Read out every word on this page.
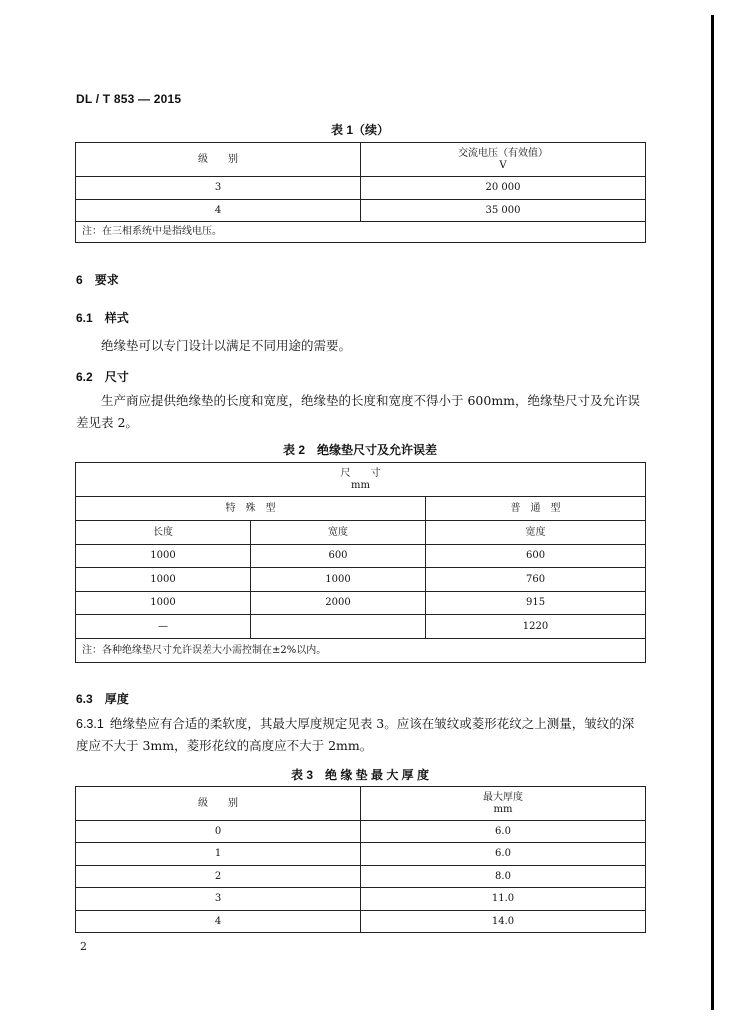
DL / T 853 — 2015
表 1（续）
级　　别	交流电压（有效值）
V

3	20 000
4	35 000
注：在三相系统中是指线电压。	
6 要求
6.1 样式
绝缘垫可以专门设计以满足不同用途的需要。
6.2 尺寸
生产商应提供绝缘垫的长度和宽度，绝缘垫的长度和宽度不得小于 600mm，绝缘垫尺寸及允许误差见表 2。
表 2　绝缘垫尺寸及允许误差
尺　　寸
mm		

特　殊　型		普　通　型
长度	宽度	宽度
1000	600	600
1000	1000	760
1000	2000	915
—		1220
注：各种绝缘垫尺寸允许误差大小需控制在±2%以内。		
6.3 厚度
6.3.1 绝缘垫应有合适的柔软度，其最大厚度规定见表 3。应该在皱纹或菱形花纹之上测量，皱纹的深度应不大于 3mm，菱形花纹的高度应不大于 2mm。
表 3　绝 缘 垫 最 大 厚 度
级　　别	最大厚度
mm

0	6.0
1	6.0
2	8.0
3	11.0
4	14.0
2
